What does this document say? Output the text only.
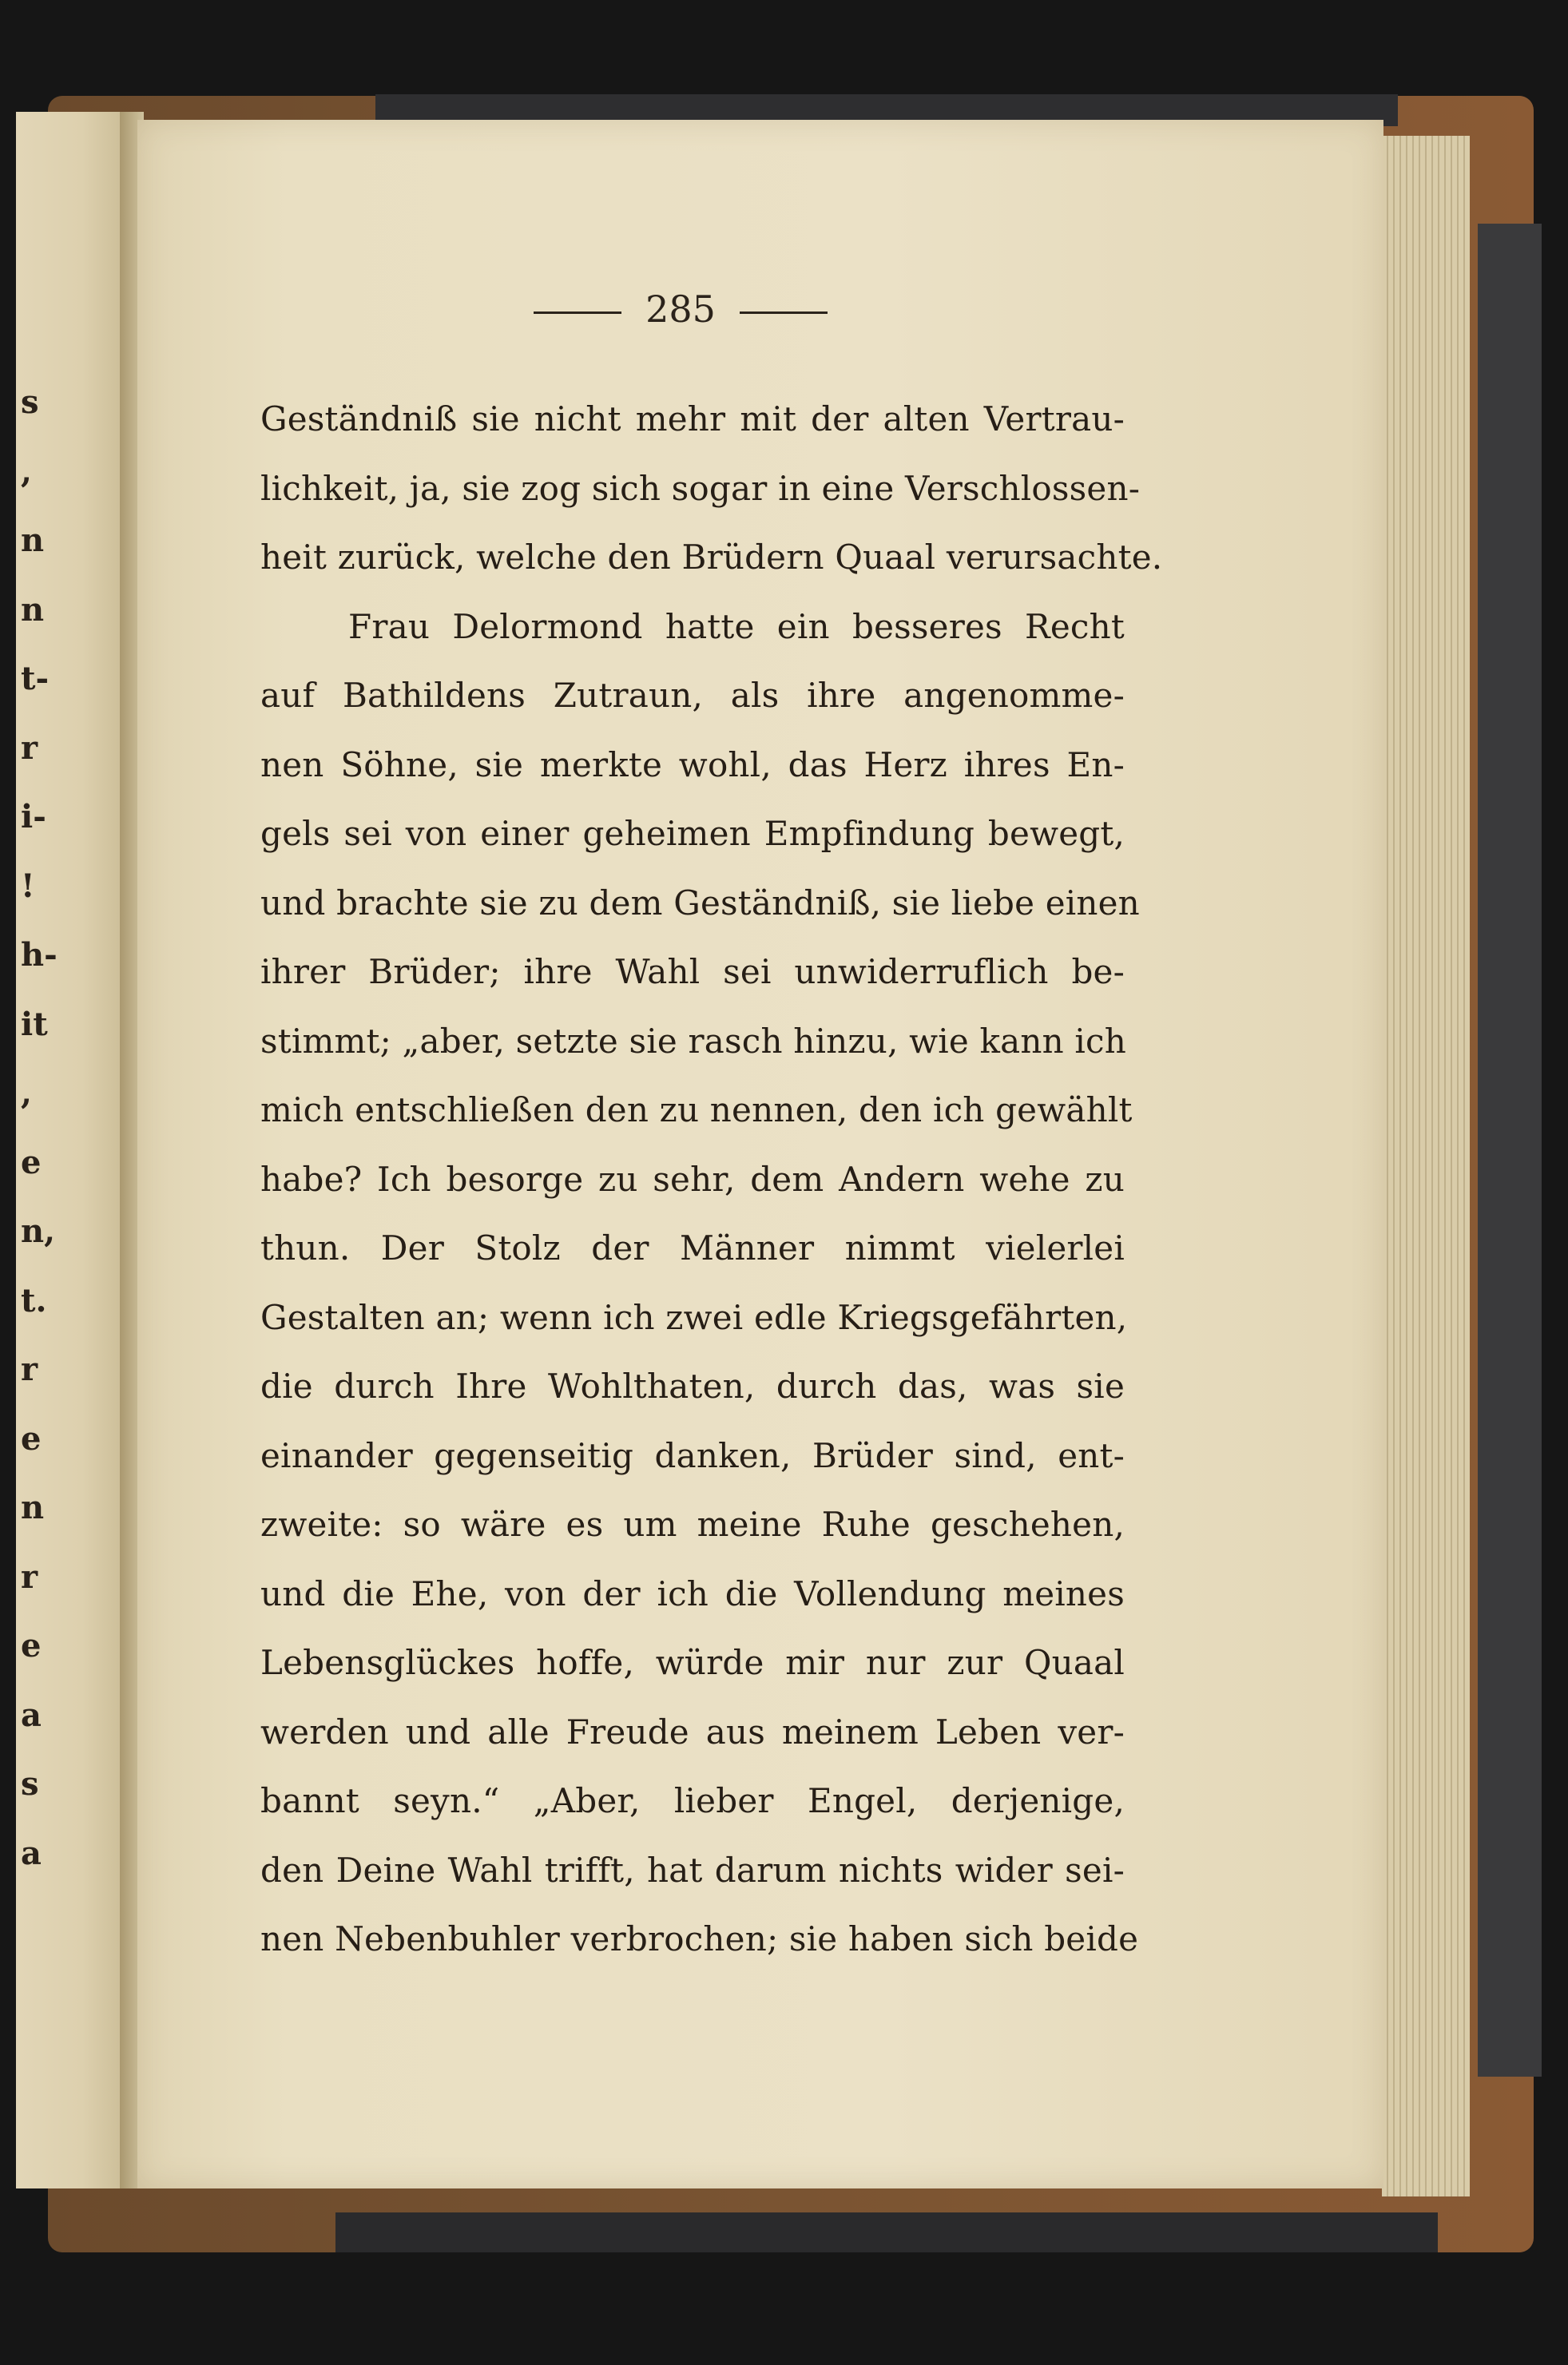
s
,
n
n
t-
r
i-
!
h-
it
,
e
n,
t.
r
e
n
r
e
a
s
a
285
Geständniß sie nicht mehr mit der alten Vertrau-
lichkeit, ja, sie zog sich sogar in eine Verschlossen-
heit zurück, welche den Brüdern Quaal verursachte.
Frau Delormond hatte ein besseres Recht
auf Bathildens Zutraun, als ihre angenomme-
nen Söhne, sie merkte wohl, das Herz ihres En-
gels sei von einer geheimen Empfindung bewegt,
und brachte sie zu dem Geständniß, sie liebe einen
ihrer Brüder; ihre Wahl sei unwiderruflich be-
stimmt; „aber, setzte sie rasch hinzu, wie kann ich
mich entschließen den zu nennen, den ich gewählt
habe? Ich besorge zu sehr, dem Andern wehe zu
thun. Der Stolz der Männer nimmt vielerlei
Gestalten an; wenn ich zwei edle Kriegsgefährten,
die durch Ihre Wohlthaten, durch das, was sie
einander gegenseitig danken, Brüder sind, ent-
zweite: so wäre es um meine Ruhe geschehen,
und die Ehe, von der ich die Vollendung meines
Lebensglückes hoffe, würde mir nur zur Quaal
werden und alle Freude aus meinem Leben ver-
bannt seyn.“ „Aber, lieber Engel, derjenige,
den Deine Wahl trifft, hat darum nichts wider sei-
nen Nebenbuhler verbrochen; sie haben sich beide
